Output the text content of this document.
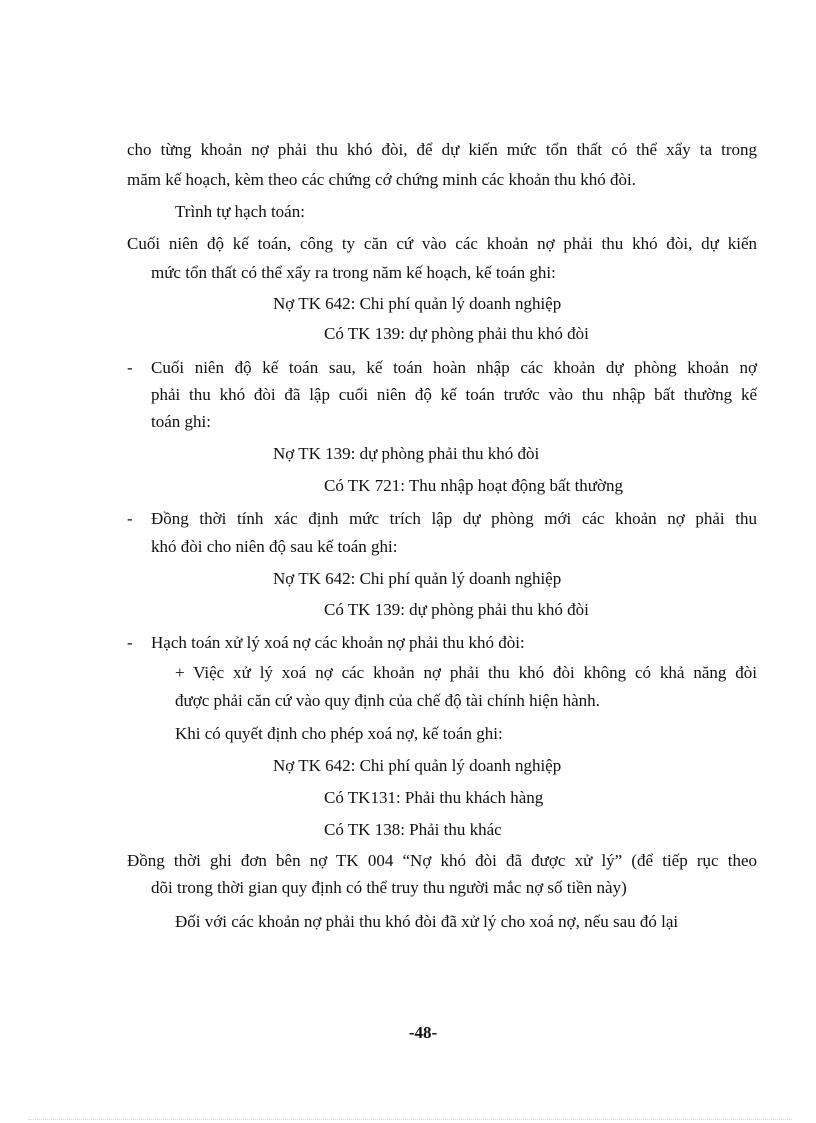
cho từng khoản nợ phải thu khó đòi, để dự kiến mức tổn thất có thể xẩy ta trong
măm kế hoạch, kèm theo các chứng cớ chứng minh các khoản thu khó đòi.
Trình tự hạch toán:
Cuối niên độ kế toán, công ty căn cứ vào các khoản nợ phải thu khó đòi, dự kiến
mức tổn thất có thể xẩy ra trong năm kế hoạch, kế toán ghi:
Nợ TK 642: Chi phí quản lý doanh nghiệp
Có TK 139: dự phòng phải thu khó đòi
- Cuối niên độ kế toán sau, kế toán hoàn nhập các khoản dự phòng khoản nợ
phải thu khó đòi đã lập cuối niên độ kế toán trước vào thu nhập bất thường kế
toán ghi:
Nợ TK 139: dự phòng phải thu khó đòi
Có TK 721: Thu nhập hoạt động bất thường
- Đồng thời tính xác định mức trích lập dự phòng mới các khoản nợ phải thu
khó đòi cho niên độ sau kế toán ghi:
Nợ TK 642: Chi phí quản lý doanh nghiệp
Có TK 139: dự phòng phải thu khó đòi
- Hạch toán xử lý xoá nợ các khoản nợ phải thu khó đòi:
+ Việc xử lý xoá nợ các khoản nợ phải thu khó đòi không có khả năng đòi
được phải căn cứ vào quy định của chế độ tài chính hiện hành.
Khi có quyết định cho phép xoá nợ, kế toán ghi:
Nợ TK 642: Chi phí quản lý doanh nghiệp
Có TK131: Phải thu khách hàng
Có TK 138: Phải thu khác
Đồng thời ghi đơn bên nợ TK 004 “Nợ khó đòi đã được xử lý” (để tiếp rục theo
dõi trong thời gian quy định có thể truy thu người mắc nợ số tiền này)
Đối với các khoản nợ phải thu khó đòi đã xử lý cho xoá nợ, nếu sau đó lại
-48-
